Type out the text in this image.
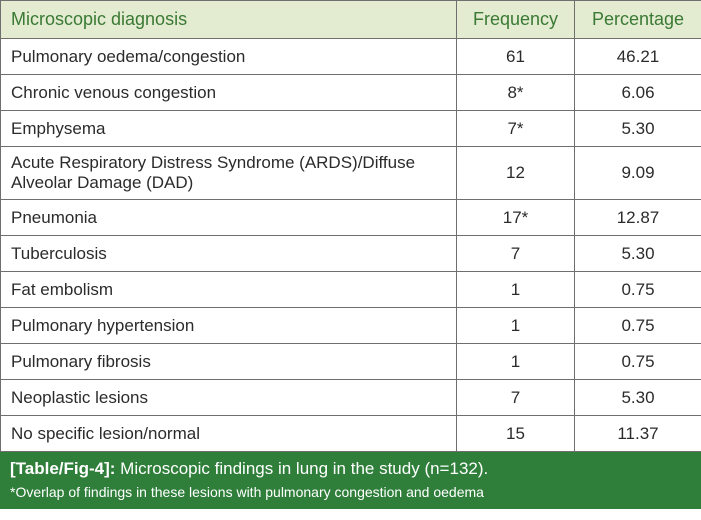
Microscopic diagnosis	Frequency	Percentage
Pulmonary oedema/congestion	61	46.21
Chronic venous congestion	8*	6.06
Emphysema	7*	5.30
Acute Respiratory Distress Syndrome (ARDS)/Diffuse Alveolar Damage (DAD)	12	9.09
Pneumonia	17*	12.87
Tuberculosis	7	5.30
Fat embolism	1	0.75
Pulmonary hypertension	1	0.75
Pulmonary fibrosis	1	0.75
Neoplastic lesions	7	5.30
No specific lesion/normal	15	11.37
[Table/Fig-4]: Microscopic findings in lung in the study (n=132).
*Overlap of findings in these lesions with pulmonary congestion and oedema
